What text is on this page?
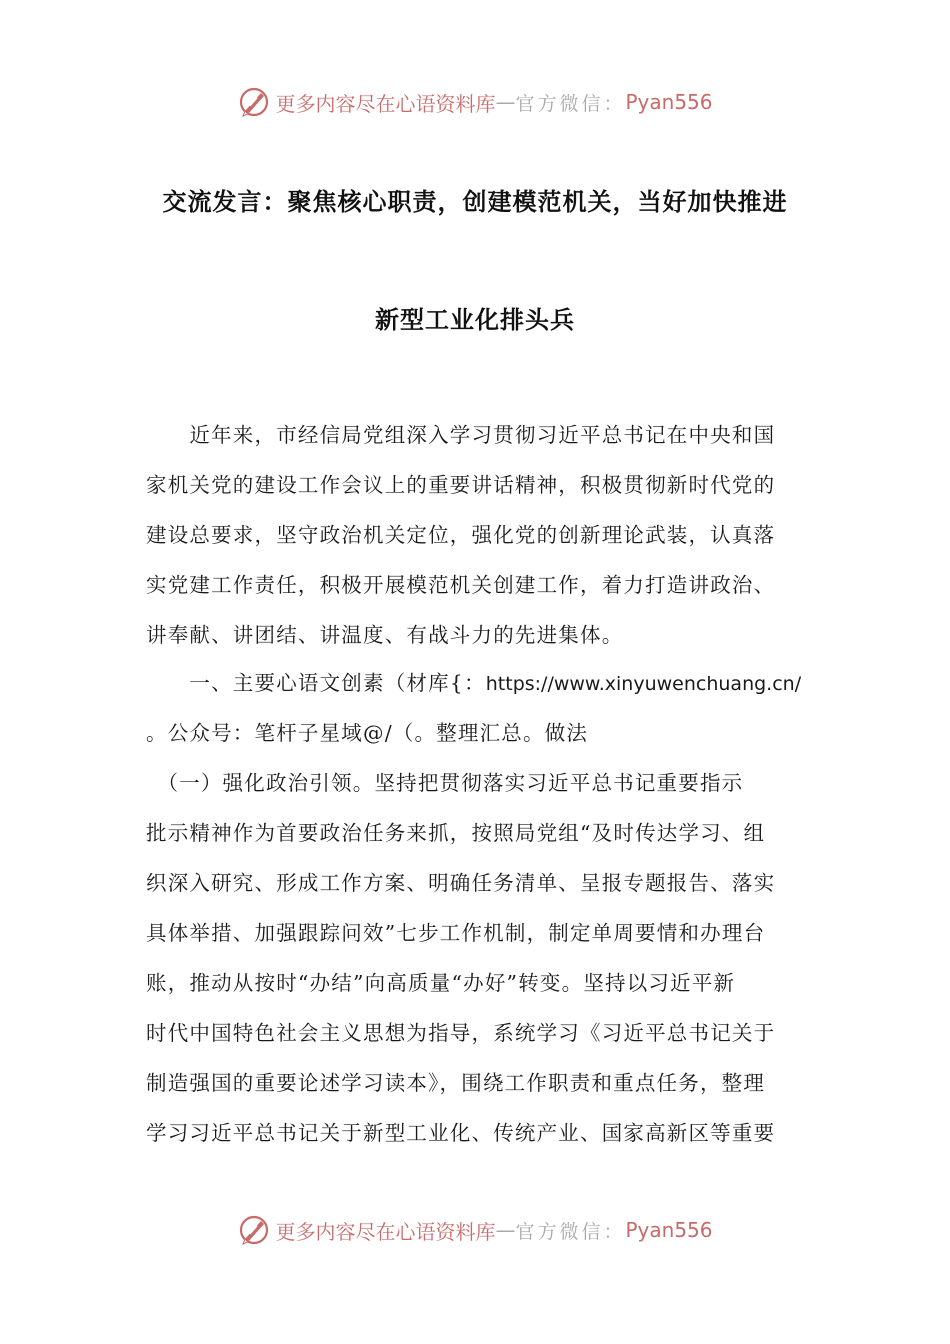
更多内容尽在心语资料库 — 官方微信： Pyan556
交流发言：聚焦核心职责，创建模范机关，当好加快推进
新型工业化排头兵
　　近年来，市经信局党组深入学习贯彻习近平总书记在中央和国
家机关党的建设工作会议上的重要讲话精神，积极贯彻新时代党的
建设总要求，坚守政治机关定位，强化党的创新理论武装，认真落
实党建工作责任，积极开展模范机关创建工作，着力打造讲政治、
讲奉献、讲团结、讲温度、有战斗力的先进集体。
　　一、主要心语文创素（材库{：https://www.xinyuwenchuang.cn/
。公众号：笔杆子星域@/（。整理汇总。做法
　（一）强化政治引领。坚持把贯彻落实习近平总书记重要指示
批示精神作为首要政治任务来抓，按照局党组“及时传达学习、组
织深入研究、形成工作方案、明确任务清单、呈报专题报告、落实
具体举措、加强跟踪问效”七步工作机制，制定单周要情和办理台
账，推动从按时“办结”向高质量“办好”转变。坚持以习近平新
时代中国特色社会主义思想为指导，系统学习《习近平总书记关于
制造强国的重要论述学习读本》，围绕工作职责和重点任务，整理
学习习近平总书记关于新型工业化、传统产业、国家高新区等重要
更多内容尽在心语资料库 — 官方微信： Pyan556
